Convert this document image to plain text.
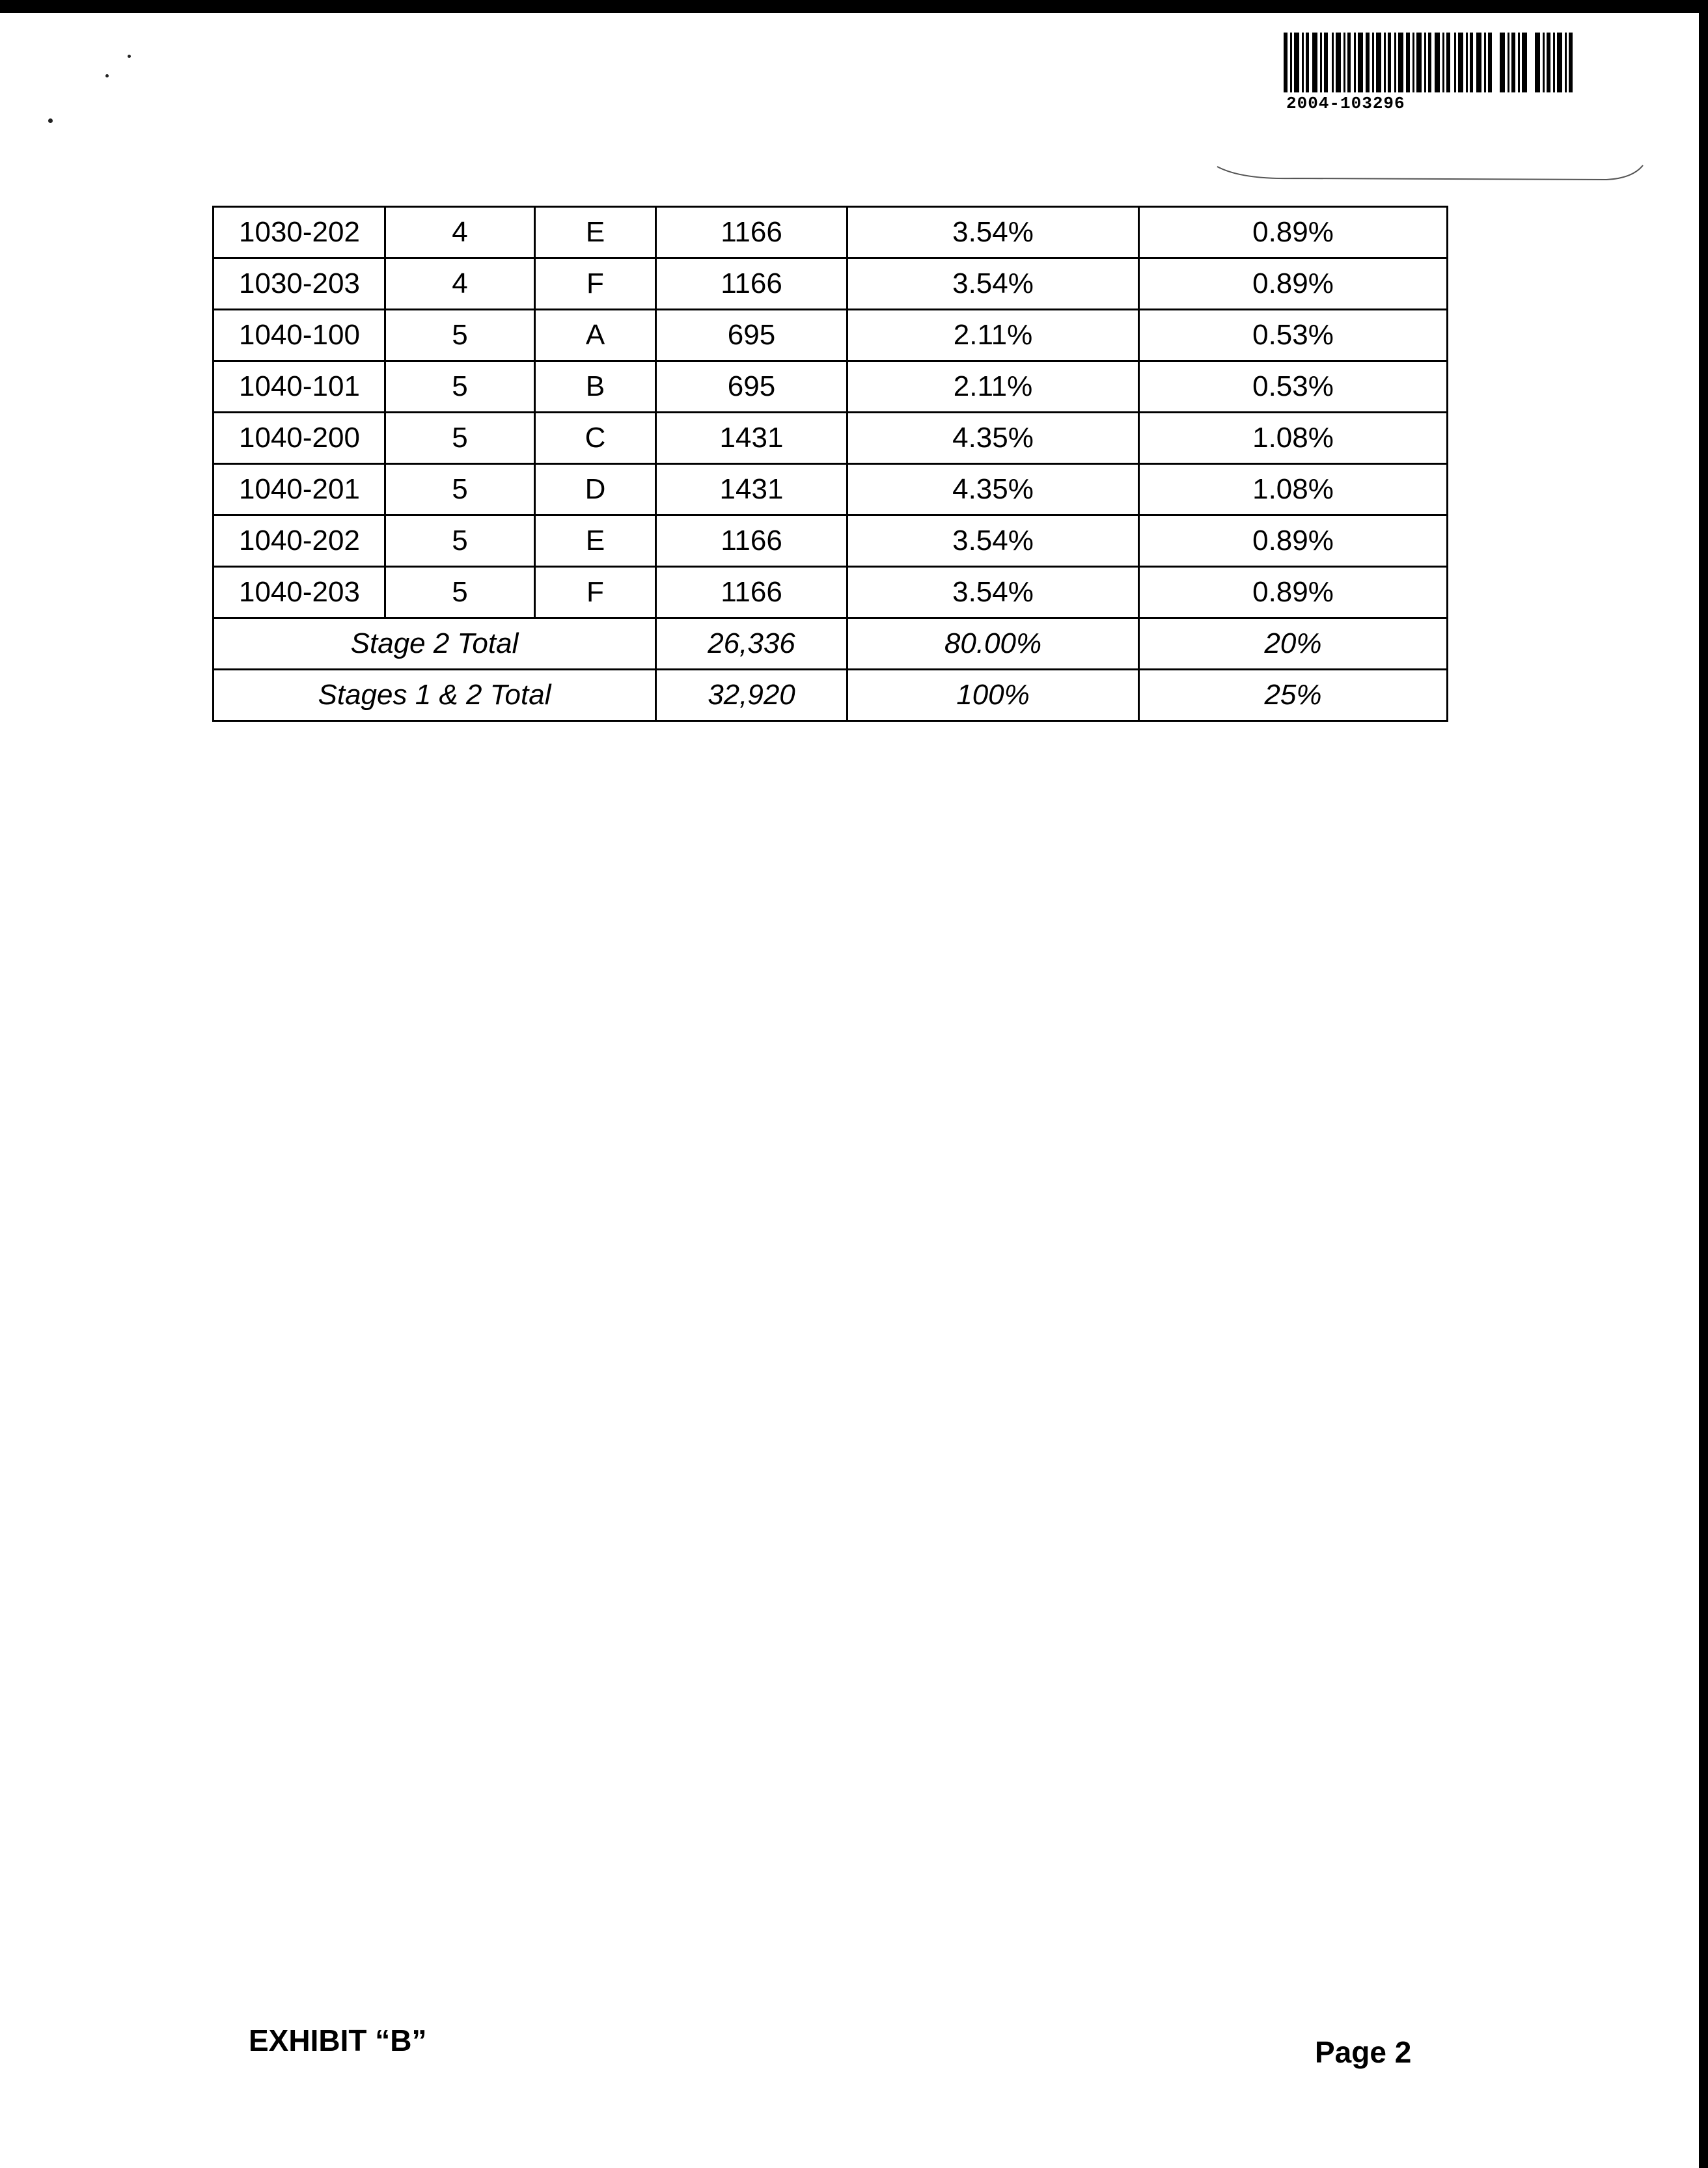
2004-103296
1030-202	4	E	1166	3.54%	0.89%
1030-203	4	F	1166	3.54%	0.89%
1040-100	5	A	695	2.11%	0.53%
1040-101	5	B	695	2.11%	0.53%
1040-200	5	C	1431	4.35%	1.08%
1040-201	5	D	1431	4.35%	1.08%
1040-202	5	E	1166	3.54%	0.89%
1040-203	5	F	1166	3.54%	0.89%
Stage 2 Total			26,336	80.00%	20%
Stages 1 & 2 Total			32,920	100%	25%
EXHIBIT “B”	Page 2
